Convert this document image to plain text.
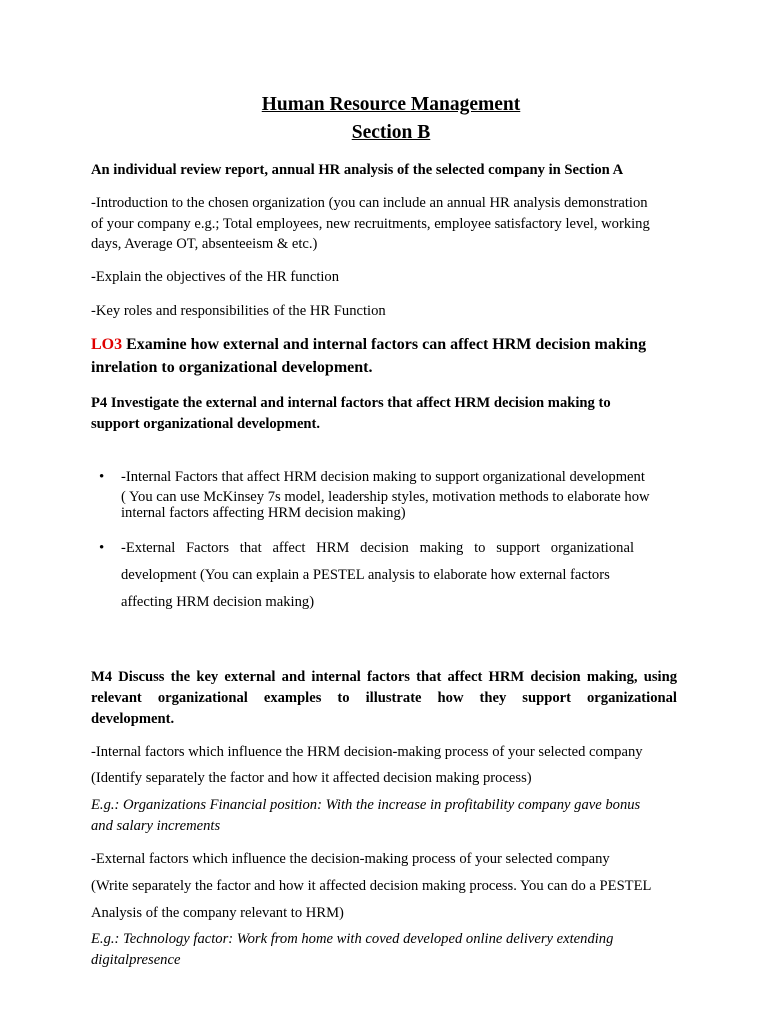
Human Resource Management
Section B
An individual review report, annual HR analysis of the selected company in Section A
-Introduction to the chosen organization (you can include an annual HR analysis demonstration
of your company e.g.; Total employees, new recruitments, employee satisfactory level, working
days, Average OT, absenteeism & etc.)
-Explain the objectives of the HR function
-Key roles and responsibilities of the HR Function
LO3 Examine how external and internal factors can affect HRM decision making
inrelation to organizational development.
P4 Investigate the external and internal factors that affect HRM decision making to
support organizational development.
• -Internal Factors that affect HRM decision making to support organizational development
( You can use McKinsey 7s model, leadership styles, motivation methods to elaborate how
internal factors affecting HRM decision making)
• -External Factors that affect HRM decision making to support organizational
development (You can explain a PESTEL analysis to elaborate how external factors
affecting HRM decision making)
M4 Discuss the key external and internal factors that affect HRM decision making, using
relevant organizational examples to illustrate how they support organizational
development.
-Internal factors which influence the HRM decision-making process of your selected company
(Identify separately the factor and how it affected decision making process)
E.g.: Organizations Financial position: With the increase in profitability company gave bonus
and salary increments
-External factors which influence the decision-making process of your selected company
(Write separately the factor and how it affected decision making process. You can do a PESTEL
Analysis of the company relevant to HRM)
E.g.: Technology factor: Work from home with coved developed online delivery extending
digitalpresence
